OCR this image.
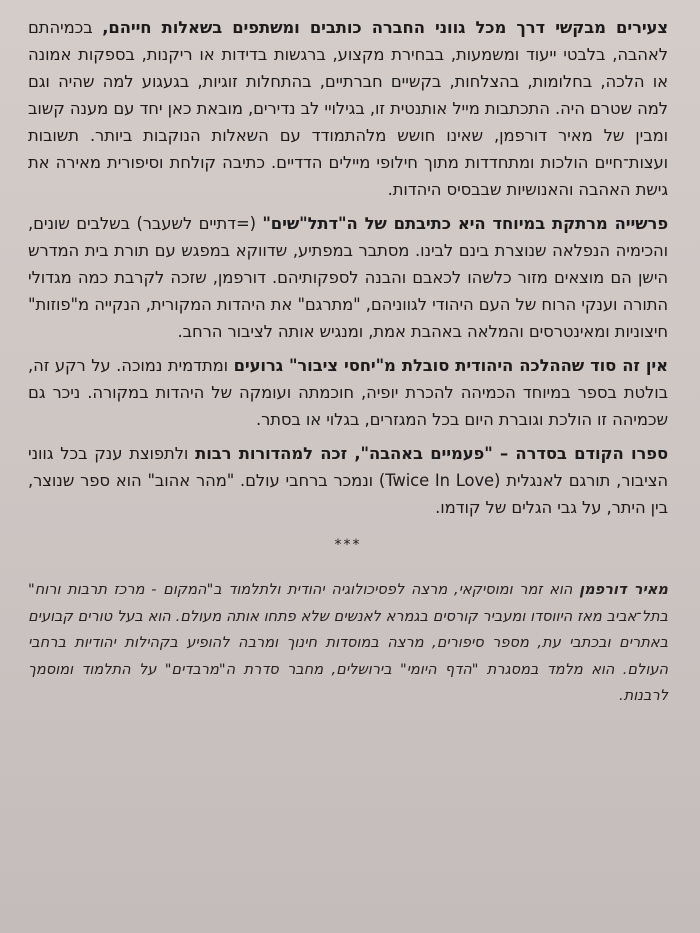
צעירים מבקשי דרך מכל גווני החברה כותבים ומשתפים בשאלות חייהם, בכמיהתם לאהבה, בלבטי ייעוד ומשמעות, בבחירת מקצוע, ברגשות בדידות או ריקנות, בספקות אמונה או הלכה, בחלומות, בהצלחות, בקשיים חברתיים, בהתחלות זוגיות, בגעגוע למה שהיה וגם למה שטרם היה. התכתבות מייל אותנטית זו, בגילויי לב נדירים, מובאת כאן יחד עם מענה קשוב ומבין של מאיר דורפמן, שאינו חושש מלהתמודד עם השאלות הנוקבות ביותר. תשובות ועצות־חיים הולכות ומתחדדות מתוך חילופי מיילים הדדיים. כתיבה קולחת וסיפורית מאירה את גישת האהבה והאנושיות שבבסיס היהדות.

פרשייה מרתקת במיוחד היא כתיבתם של ה"דתל"שים" (=דתיים לשעבר) בשלבים שונים, והכימיה הנפלאה שנוצרת בינם לבינו. מסתבר במפתיע, שדווקא במפגש עם תורת בית המדרש הישן הם מוצאים מזור כלשהו לכאבם והבנה לספקותיהם. דורפמן, שזכה לקרבת כמה מגדולי התורה וענקי הרוח של העם היהודי לגווניהם, "מתרגם" את היהדות המקורית, הנקייה מ"פוזות" חיצוניות ומאינטרסים והמלאה באהבת אמת, ומנגיש אותה לציבור הרחב.

אין זה סוד שההלכה היהודית סובלת מ"יחסי ציבור" גרועים ומתדמית נמוכה. על רקע זה, בולטת בספר במיוחד הכמיהה להכרת יופיה, חוכמתה ועומקה של היהדות במקורה. ניכר גם שכמיהה זו הולכת וגוברת היום בכל המגזרים, בגלוי או בסתר.

ספרו הקודם בסדרה – "פעמיים באהבה", זכה למהדורות רבות ולתפוצת ענק בכל גווני הציבור, תורגם לאנגלית (Twice In Love) ונמכר ברחבי עולם. "מהר אהוב" הוא ספר שנוצר, בין היתר, על גבי הגלים של קודמו.

***

מאיר דורפמן הוא זמר ומוסיקאי, מרצה לפסיכולוגיה יהודית ולתלמוד ב"המקום - מרכז תרבות ורוח" בתל־אביב מאז היווסדו ומעביר קורסים בגמרא לאנשים שלא פתחו אותה מעולם. הוא בעל טורים קבועים באתרים ובכתבי עת, מספר סיפורים, מרצה במוסדות חינוך ומרבה להופיע בקהילות יהודיות ברחבי העולם. הוא מלמד במסגרת "הדף היומי" בירושלים, מחבר סדרת ה"מרבדים" על התלמוד ומוסמך לרבנות.
